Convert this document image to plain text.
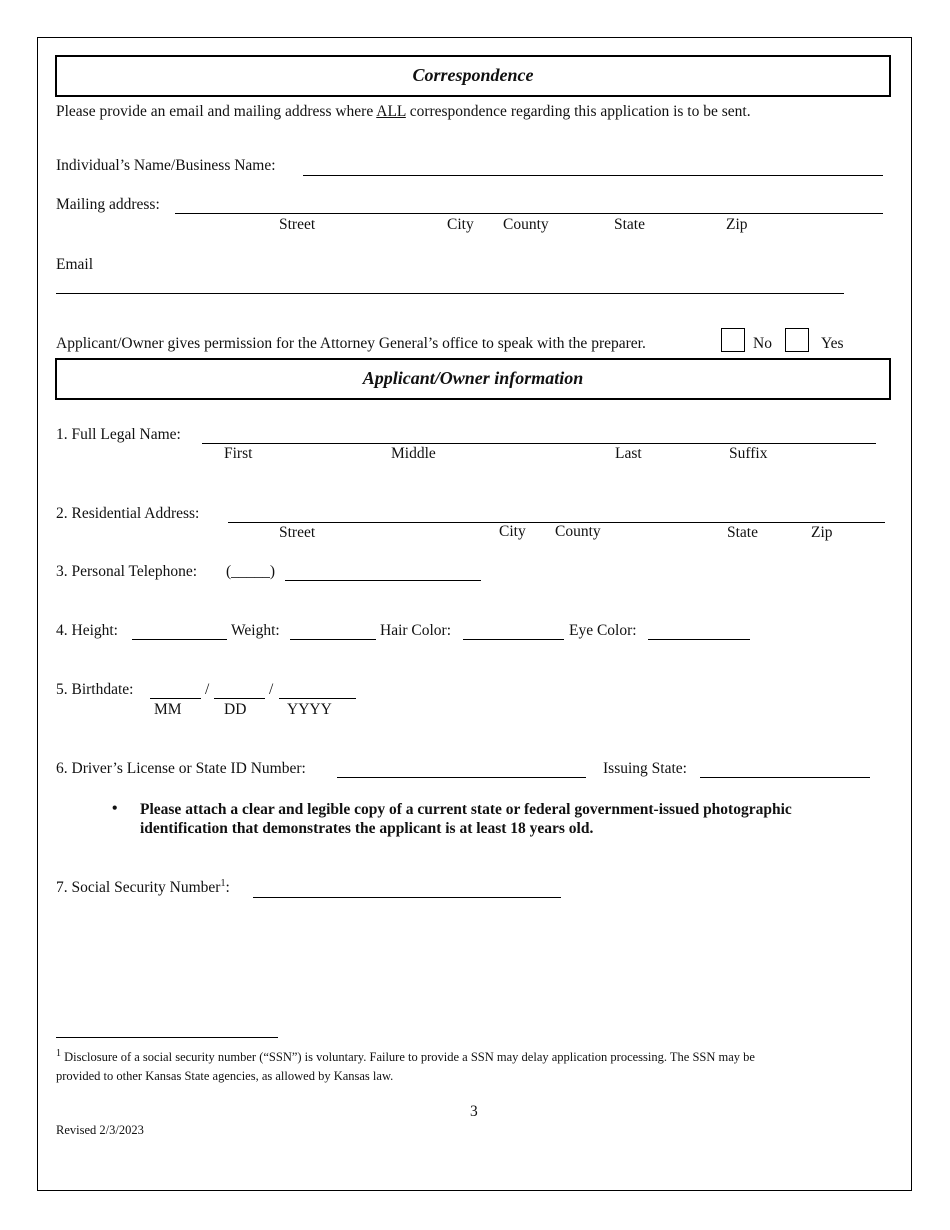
Correspondence
Please provide an email and mailing address where ALL correspondence regarding this application is to be sent.
Individual’s Name/Business Name:
Mailing address:
Street	City County	State	Zip
Email
Applicant/Owner gives permission for the Attorney General’s office to speak with the preparer.	No	Yes
Applicant/Owner information
1. Full Legal Name:
First	Middle	Last	Suffix
2. Residential Address:
Street	City County	State	Zip
3. Personal Telephone: (_____)
4. Height:	Weight:	Hair Color:	Eye Color:
5. Birthdate:	/	/
MM	DD	YYYY
6. Driver’s License or State ID Number:	Issuing State:
• Please attach a clear and legible copy of a current state or federal government-issued photographic
identification that demonstrates the applicant is at least 18 years old.
7. Social Security Number$^1$:
$^1$ Disclosure of a social security number (“SSN”) is voluntary. Failure to provide a SSN may delay application processing. The SSN may be
provided to other Kansas State agencies, as allowed by Kansas law.
3
Revised 2/3/2023
